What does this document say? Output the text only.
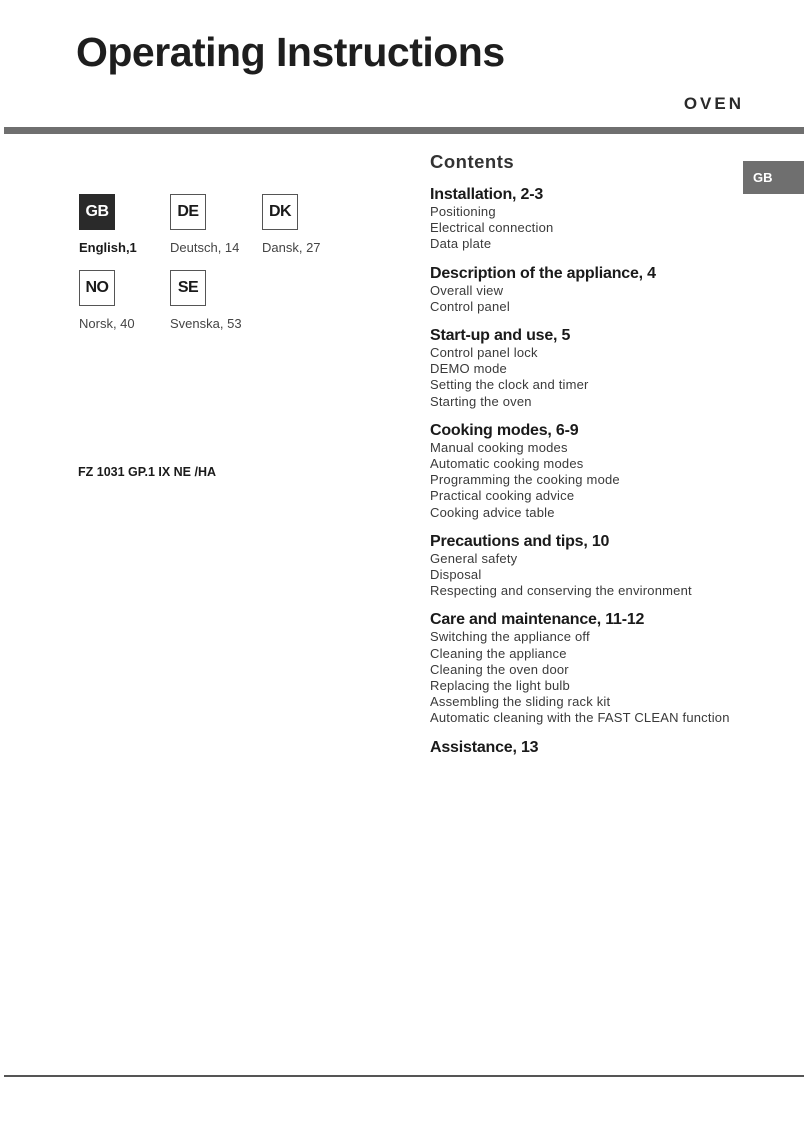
Operating Instructions
OVEN
GB
GB
English,1
DE
Deutsch, 14
DK
Dansk, 27
NO
Norsk, 40
SE
Svenska, 53
FZ 1031 GP.1 IX NE /HA
Contents
Installation, 2-3
Positioning
Electrical connection
Data plate
Description of the appliance, 4
Overall view
Control panel
Start-up and use, 5
Control panel lock
DEMO mode
Setting the clock and timer
Starting the oven
Cooking modes, 6-9
Manual cooking modes
Automatic cooking modes
Programming the cooking mode
Practical cooking advice
Cooking advice table
Precautions and tips, 10
General safety
Disposal
Respecting and conserving the environment
Care and maintenance, 11-12
Switching the appliance off
Cleaning the appliance
Cleaning the oven door
Replacing the light bulb
Assembling the sliding rack kit
Automatic cleaning with the FAST CLEAN function
Assistance, 13
